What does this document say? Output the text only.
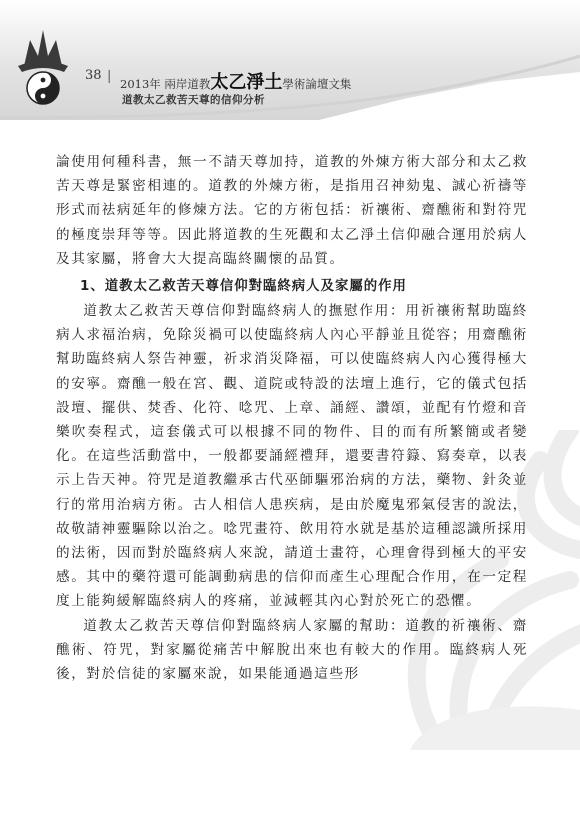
38 | 2013年 兩岸道教太乙淨土學術論壇文集
道教太乙救苦天尊的信仰分析

論使用何種科書，無一不請天尊加持，道教的外煉方術大部分和太乙救苦天尊是緊密相連的。道教的外煉方術，是指用召神劾鬼、誠心祈禱等形式而祛病延年的修煉方法。它的方術包括：祈禳術、齋醮術和對符咒的極度崇拜等等。因此將道教的生死觀和太乙淨土信仰融合運用於病人及其家屬，將會大大提高臨終關懷的品質。

1、道教太乙救苦天尊信仰對臨終病人及家屬的作用

道教太乙救苦天尊信仰對臨終病人的撫慰作用：用祈禳術幫助臨終病人求福治病，免除災禍可以使臨終病人內心平靜並且從容；用齋醮術幫助臨終病人祭告神靈，祈求消災降福，可以使臨終病人內心獲得極大的安寧。齋醮一般在宮、觀、道院或特設的法壇上進行，它的儀式包括設壇、擺供、焚香、化符、唸咒、上章、誦經、讚頌，並配有竹燈和音樂吹奏程式，這套儀式可以根據不同的物件、目的而有所繁簡或者變化。在這些活動當中，一般都要誦經禮拜，還要書符籙、寫奏章，以表示上告天神。符咒是道教繼承古代巫師驅邪治病的方法，藥物、針灸並行的常用治病方術。古人相信人患疾病，是由於魔鬼邪氣侵害的說法，故敬請神靈驅除以治之。唸咒畫符、飲用符水就是基於這種認識所採用的法術，因而對於臨終病人來說，請道士畫符，心理會得到極大的平安感。其中的藥符還可能調動病患的信仰而產生心理配合作用，在一定程度上能夠緩解臨終病人的疼痛，並減輕其內心對於死亡的恐懼。

道教太乙救苦天尊信仰對臨終病人家屬的幫助：道教的祈禳術、齋醮術、符咒，對家屬從痛苦中解脫出來也有較大的作用。臨終病人死後，對於信徒的家屬來說，如果能通過這些形
